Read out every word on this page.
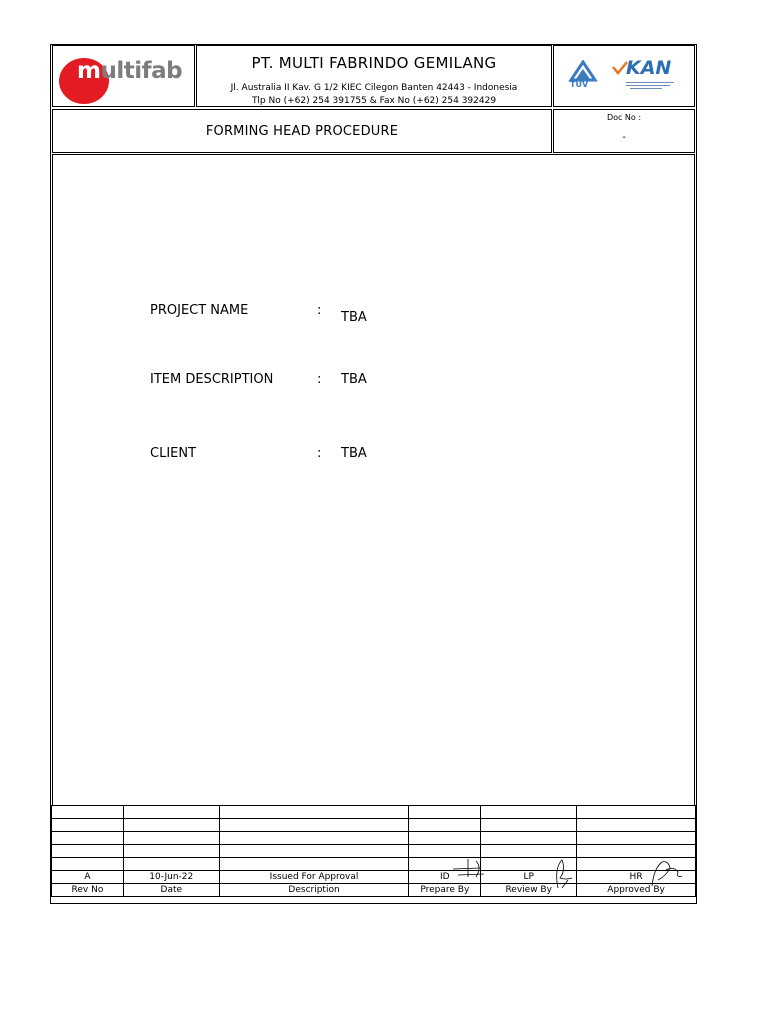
multifab	PT. MULTI FABRINDO GEMILANG
Jl. Australia II Kav. G 1/2 KIEC Cilegon Banten 42443 - Indonesia
Tlp No (+62) 254 391755 & Fax No (+62) 254 392429
TÜV
KAN
FORMING HEAD PROCEDURE
Doc No :
-
PROJECT NAME	: TBA
ITEM DESCRIPTION	: TBA
CLIENT	: TBA

A	10-Jun-22	Issued For Approval	ID	LP	HR
Rev No	Date	Description	Prepare By	Review By	Approved By
